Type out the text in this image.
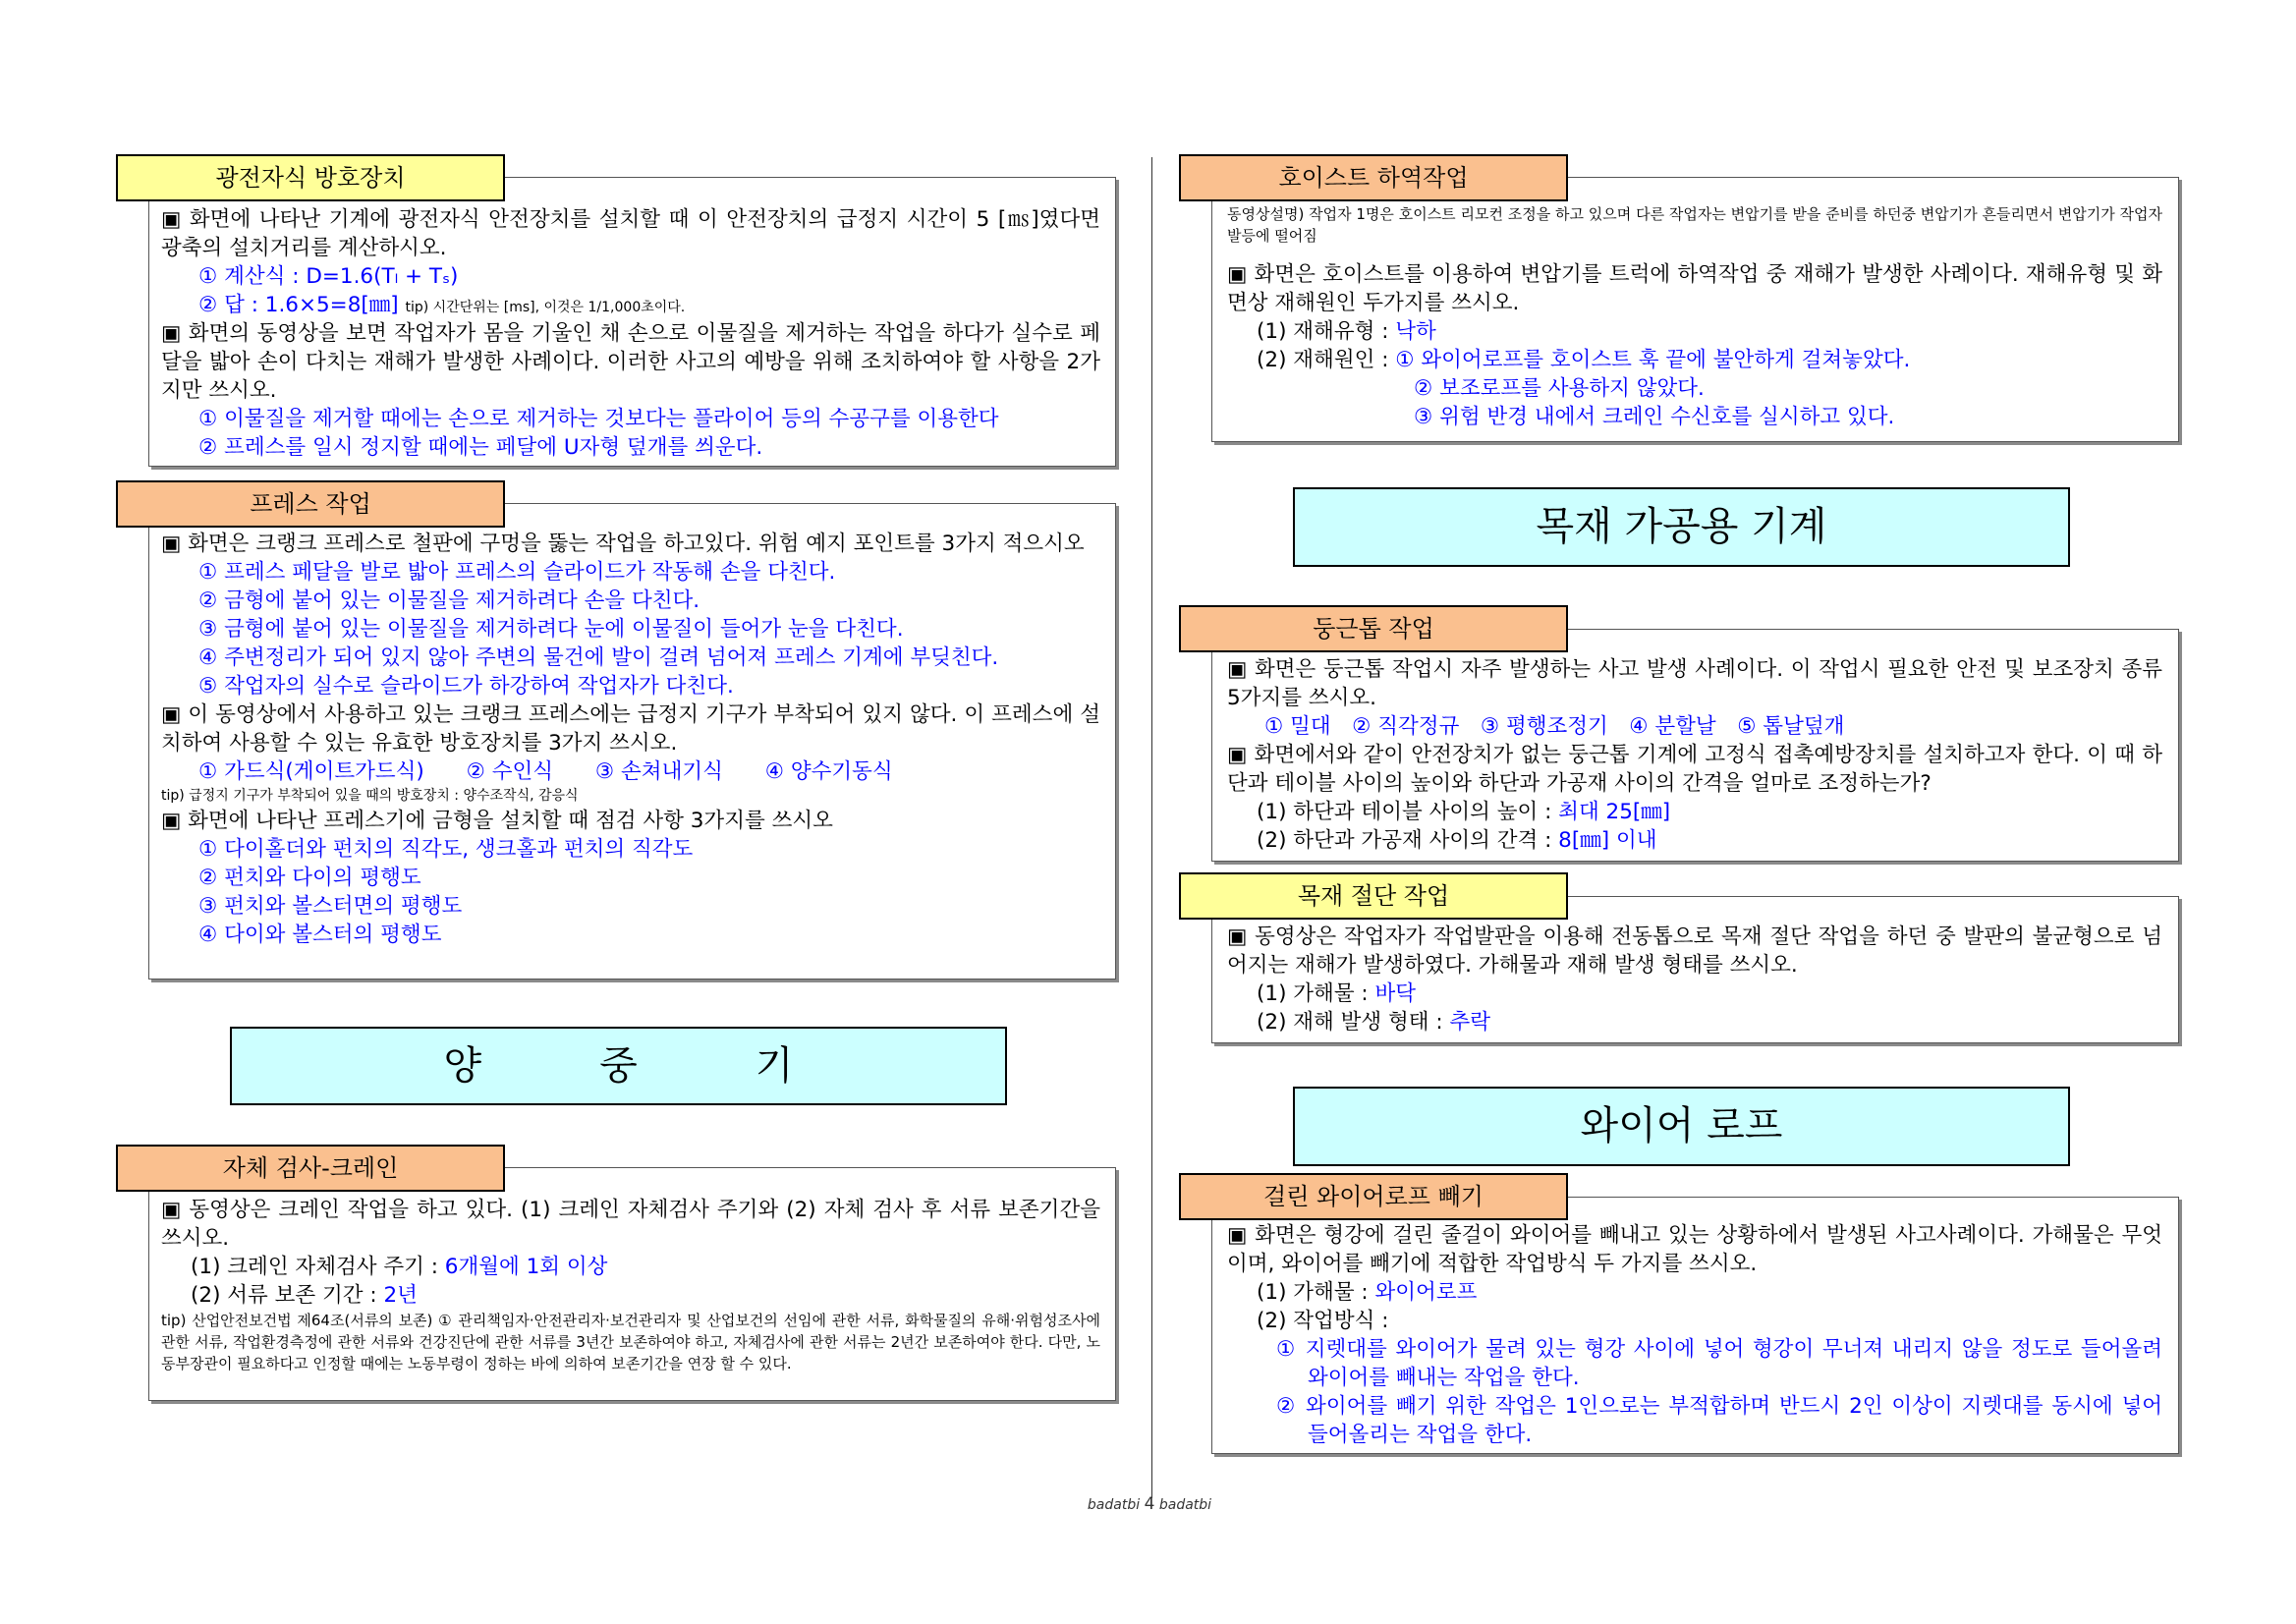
광전자식 방호장치

▣ 화면에 나타난 기계에 광전자식 안전장치를 설치할 때 이 안전장치의 급정지 시간이 5 [㎳]였다면 광축의 설치거리를 계산하시오.

① 계산식 : D=1.6(Tₗ + Tₛ)

② 답 : 1.6×5=8[㎜] tip) 시간단위는 [ms], 이것은 1/1,000초이다.

▣ 화면의 동영상을 보면 작업자가 몸을 기울인 채 손으로 이물질을 제거하는 작업을 하다가 실수로 페달을 밟아 손이 다치는 재해가 발생한 사례이다. 이러한 사고의 예방을 위해 조치하여야 할 사항을 2가지만 쓰시오.

① 이물질을 제거할 때에는 손으로 제거하는 것보다는 플라이어 등의 수공구를 이용한다

② 프레스를 일시 정지할 때에는 페달에 U자형 덮개를 씌운다.

프레스 작업

▣ 화면은 크랭크 프레스로 철판에 구멍을 뚫는 작업을 하고있다. 위험 예지 포인트를 3가지 적으시오

① 프레스 페달을 발로 밟아 프레스의 슬라이드가 작동해 손을 다친다.

② 금형에 붙어 있는 이물질을 제거하려다 손을 다친다.

③ 금형에 붙어 있는 이물질을 제거하려다 눈에 이물질이 들어가 눈을 다친다.

④ 주변정리가 되어 있지 않아 주변의 물건에 발이 걸려 넘어져 프레스 기계에 부딪친다.

⑤ 작업자의 실수로 슬라이드가 하강하여 작업자가 다친다.

▣ 이 동영상에서 사용하고 있는 크랭크 프레스에는 급정지 기구가 부착되어 있지 않다. 이 프레스에 설치하여 사용할 수 있는 유효한 방호장치를 3가지 쓰시오.

① 가드식(게이트가드식) ② 수인식 ③ 손쳐내기식 ④ 양수기동식

tip) 급정지 기구가 부착되어 있을 때의 방호장치 : 양수조작식, 감응식

▣ 화면에 나타난 프레스기에 금형을 설치할 때 점검 사항 3가지를 쓰시오

① 다이홀더와 펀치의 직각도, 생크홀과 펀치의 직각도

② 펀치와 다이의 평행도

③ 펀치와 볼스터면의 평행도

④ 다이와 볼스터의 평행도

양　　　중　　　기
자체 검사-크레인

▣ 동영상은 크레인 작업을 하고 있다. (1) 크레인 자체검사 주기와 (2) 자체 검사 후 서류 보존기간을 쓰시오.

(1) 크레인 자체검사 주기 : 6개월에 1회 이상

(2) 서류 보존 기간 : 2년

tip) 산업안전보건법 제64조(서류의 보존) ① 관리책임자·안전관리자·보건관리자 및 산업보건의 선임에 관한 서류, 화학물질의 유해·위험성조사에 관한 서류, 작업환경측정에 관한 서류와 건강진단에 관한 서류를 3년간 보존하여야 하고, 자체검사에 관한 서류는 2년간 보존하여야 한다. 다만, 노동부장관이 필요하다고 인정할 때에는 노동부령이 정하는 바에 의하여 보존기간을 연장 할 수 있다.

호이스트 하역작업

동영상설명) 작업자 1명은 호이스트 리모컨 조정을 하고 있으며 다른 작업자는 변압기를 받을 준비를 하던중 변압기가 흔들리면서 변압기가 작업자 발등에 떨어짐

▣ 화면은 호이스트를 이용하여 변압기를 트럭에 하역작업 중 재해가 발생한 사례이다. 재해유형 및 화면상 재해원인 두가지를 쓰시오.

(1) 재해유형 : 낙하

(2) 재해원인 : ① 와이어로프를 호이스트 훅 끝에 불안하게 걸쳐놓았다.

② 보조로프를 사용하지 않았다.

③ 위험 반경 내에서 크레인 수신호를 실시하고 있다.

목재 가공용 기계
둥근톱 작업

▣ 화면은 둥근톱 작업시 자주 발생하는 사고 발생 사례이다. 이 작업시 필요한 안전 및 보조장치 종류 5가지를 쓰시오.

① 밀대　② 직각정규　③ 평행조정기　④ 분할날　⑤ 톱날덮개

▣ 화면에서와 같이 안전장치가 없는 둥근톱 기계에 고정식 접촉예방장치를 설치하고자 한다. 이 때 하단과 테이블 사이의 높이와 하단과 가공재 사이의 간격을 얼마로 조정하는가?

(1) 하단과 테이블 사이의 높이 : 최대 25[㎜]

(2) 하단과 가공재 사이의 간격 : 8[㎜] 이내

목재 절단 작업

▣ 동영상은 작업자가 작업발판을 이용해 전동톱으로 목재 절단 작업을 하던 중 발판의 불균형으로 넘어지는 재해가 발생하였다. 가해물과 재해 발생 형태를 쓰시오.

(1) 가해물 : 바닥

(2) 재해 발생 형태 : 추락

와이어 로프
걸린 와이어로프 빼기

▣ 화면은 형강에 걸린 줄걸이 와이어를 빼내고 있는 상황하에서 발생된 사고사례이다. 가해물은 무엇이며, 와이어를 빼기에 적합한 작업방식 두 가지를 쓰시오.

(1) 가해물 : 와이어로프

(2) 작업방식 :

① 지렛대를 와이어가 물려 있는 형강 사이에 넣어 형강이 무너져 내리지 않을 정도로 들어올려 와이어를 빼내는 작업을 한다.

② 와이어를 빼기 위한 작업은 1인으로는 부적합하며 반드시 2인 이상이 지렛대를 동시에 넣어 들어올리는 작업을 한다.

badatbi 4 badatbi
